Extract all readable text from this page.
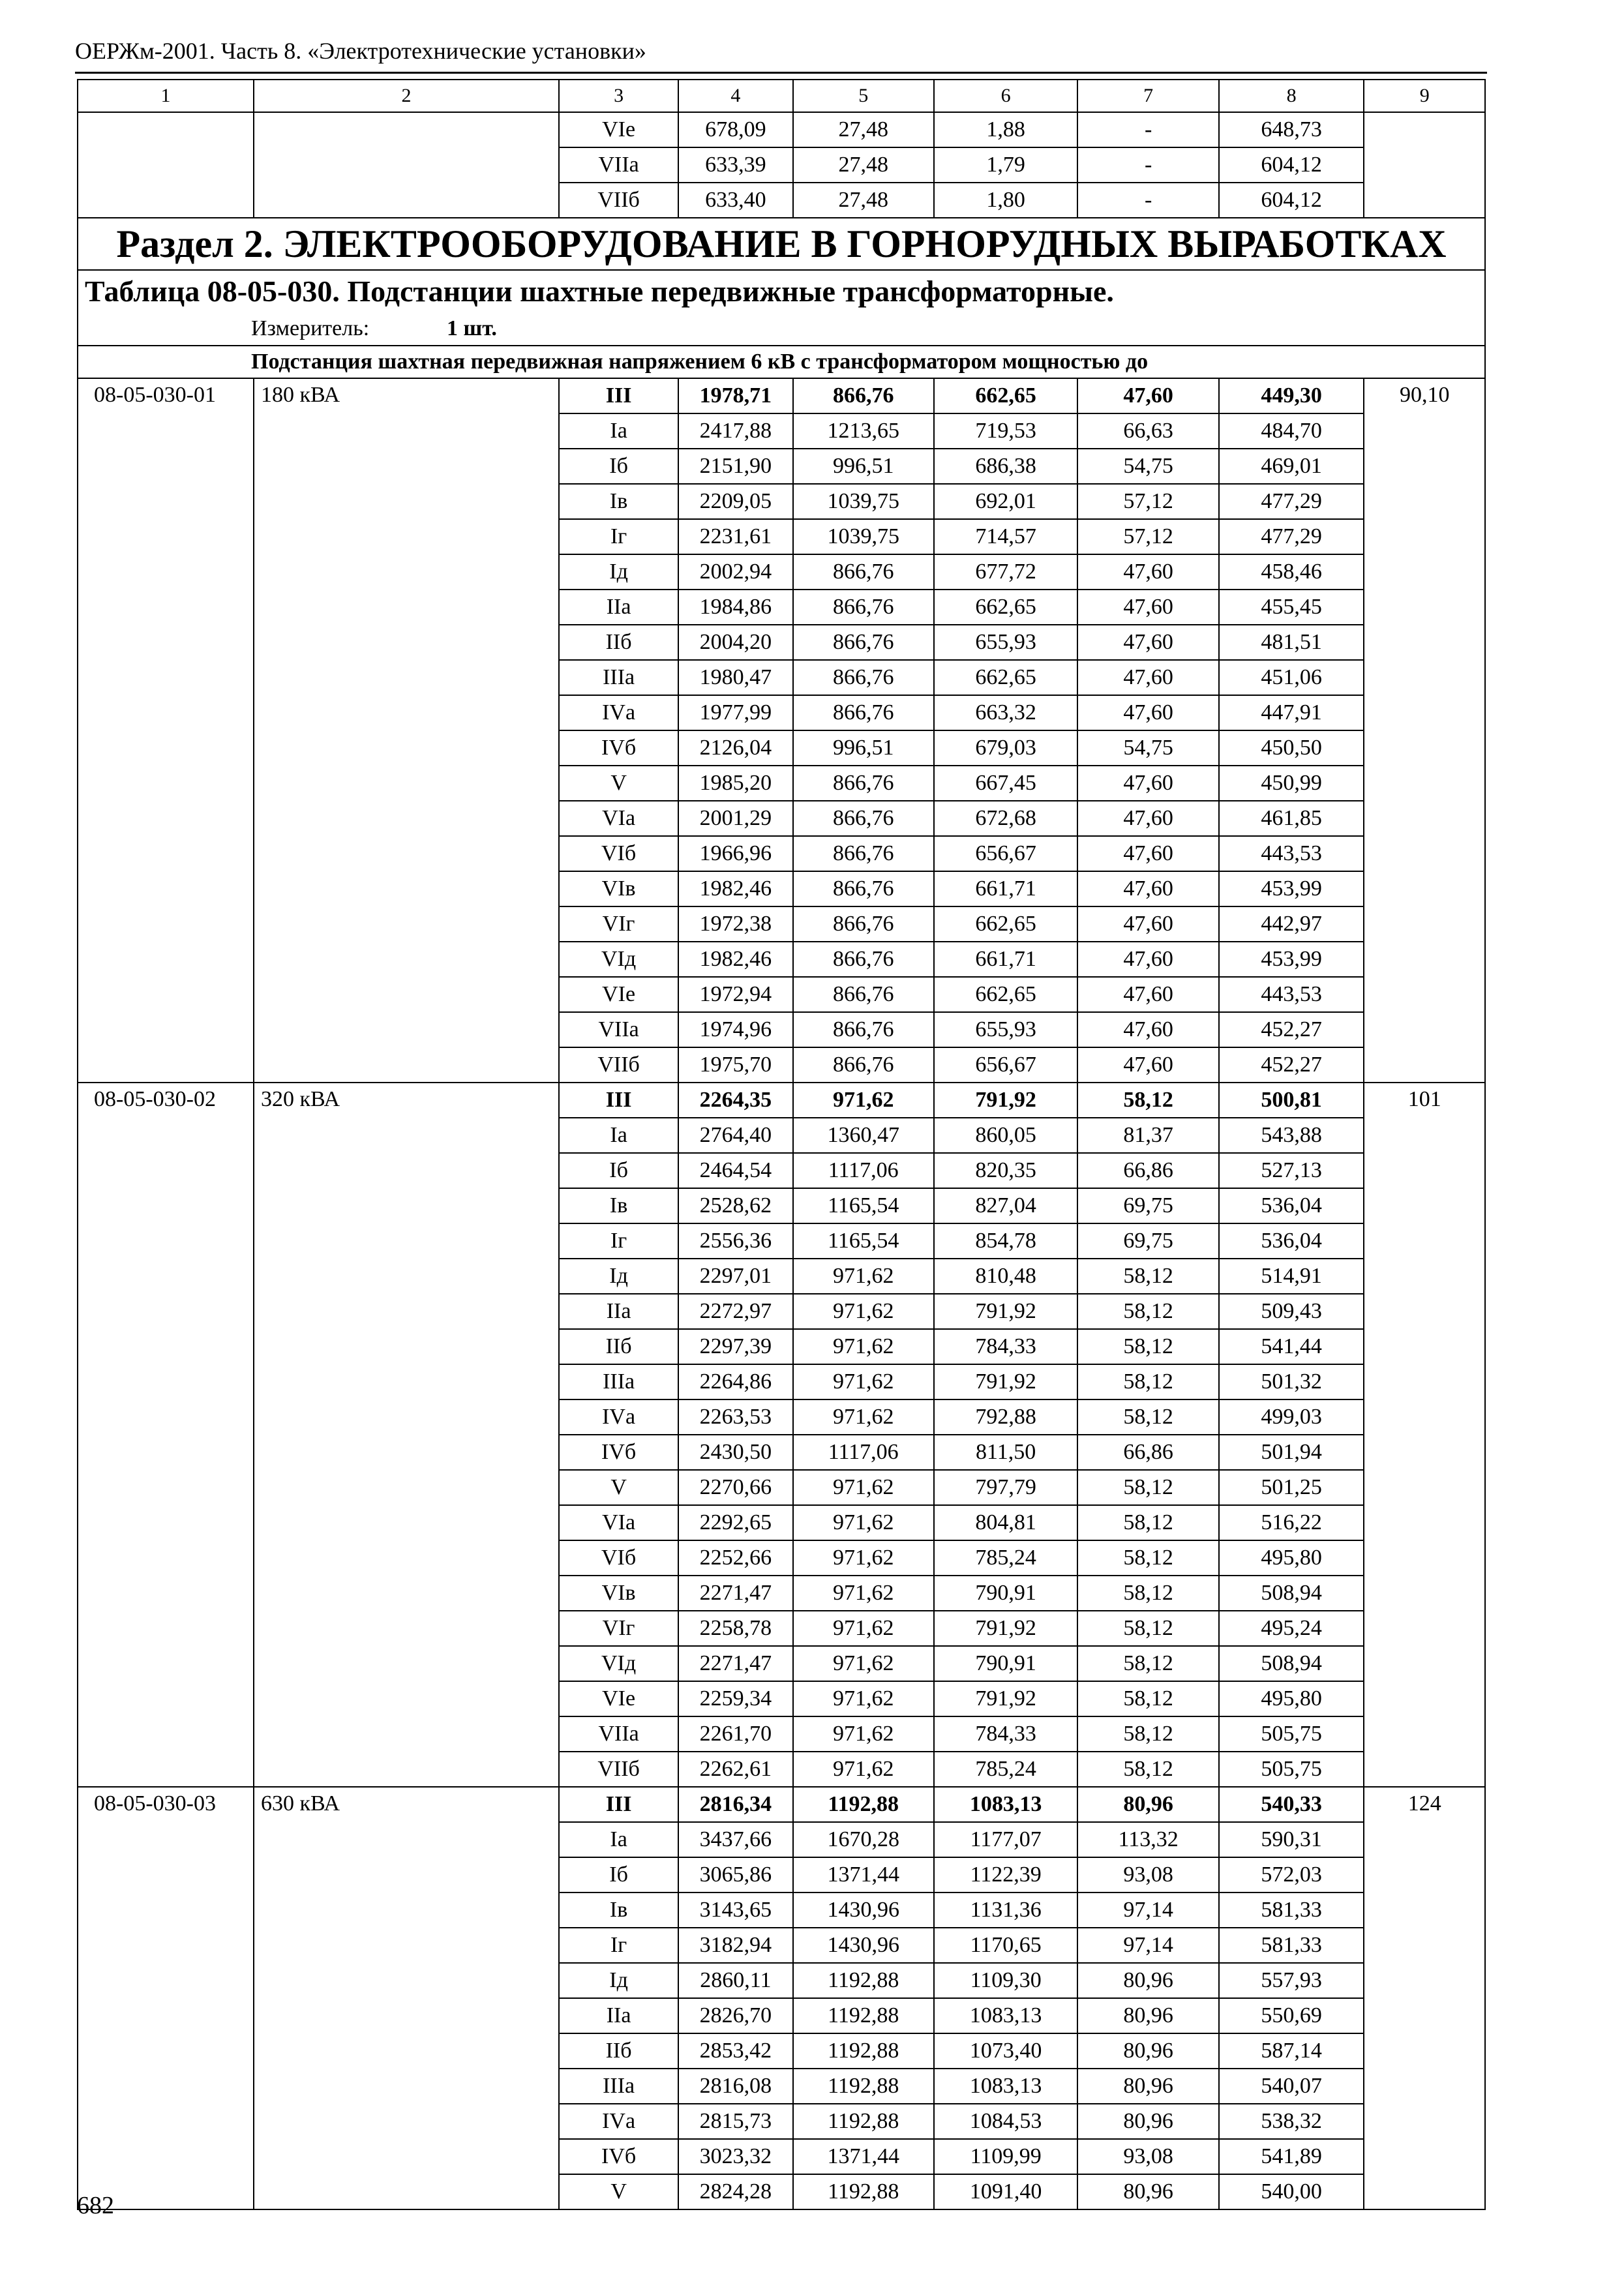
ОЕРЖм-2001. Часть 8. «Электротехнические установки»
1	2	3	4	5	6	7	8	9
		VIе	678,09	27,48	1,88	-	648,73	
		VIIа	633,39	27,48	1,79	-	604,12	
		VIIб	633,40	27,48	1,80	-	604,12	
Раздел 2. ЭЛЕКТРООБОРУДОВАНИЕ В ГОРНОРУДНЫХ ВЫРАБОТКАХ								
Таблица 08-05-030. Подстанции шахтные передвижные трансформаторные.								
Измеритель: 1 шт.								
Подстанция шахтная передвижная напряжением 6 кВ с трансформатором мощностью до								
08-05-030-01	180 кВА	III	1978,71	866,76	662,65	47,60	449,30	90,10
		Iа	2417,88	1213,65	719,53	66,63	484,70	
		Iб	2151,90	996,51	686,38	54,75	469,01	
		Iв	2209,05	1039,75	692,01	57,12	477,29	
		Iг	2231,61	1039,75	714,57	57,12	477,29	
		Iд	2002,94	866,76	677,72	47,60	458,46	
		IIа	1984,86	866,76	662,65	47,60	455,45	
		IIб	2004,20	866,76	655,93	47,60	481,51	
		IIIа	1980,47	866,76	662,65	47,60	451,06	
		IVа	1977,99	866,76	663,32	47,60	447,91	
		IVб	2126,04	996,51	679,03	54,75	450,50	
		V	1985,20	866,76	667,45	47,60	450,99	
		VIа	2001,29	866,76	672,68	47,60	461,85	
		VIб	1966,96	866,76	656,67	47,60	443,53	
		VIв	1982,46	866,76	661,71	47,60	453,99	
		VIг	1972,38	866,76	662,65	47,60	442,97	
		VIд	1982,46	866,76	661,71	47,60	453,99	
		VIе	1972,94	866,76	662,65	47,60	443,53	
		VIIа	1974,96	866,76	655,93	47,60	452,27	
		VIIб	1975,70	866,76	656,67	47,60	452,27	
08-05-030-02	320 кВА	III	2264,35	971,62	791,92	58,12	500,81	101
		Iа	2764,40	1360,47	860,05	81,37	543,88	
		Iб	2464,54	1117,06	820,35	66,86	527,13	
		Iв	2528,62	1165,54	827,04	69,75	536,04	
		Iг	2556,36	1165,54	854,78	69,75	536,04	
		Iд	2297,01	971,62	810,48	58,12	514,91	
		IIа	2272,97	971,62	791,92	58,12	509,43	
		IIб	2297,39	971,62	784,33	58,12	541,44	
		IIIа	2264,86	971,62	791,92	58,12	501,32	
		IVа	2263,53	971,62	792,88	58,12	499,03	
		IVб	2430,50	1117,06	811,50	66,86	501,94	
		V	2270,66	971,62	797,79	58,12	501,25	
		VIа	2292,65	971,62	804,81	58,12	516,22	
		VIб	2252,66	971,62	785,24	58,12	495,80	
		VIв	2271,47	971,62	790,91	58,12	508,94	
		VIг	2258,78	971,62	791,92	58,12	495,24	
		VIд	2271,47	971,62	790,91	58,12	508,94	
		VIе	2259,34	971,62	791,92	58,12	495,80	
		VIIа	2261,70	971,62	784,33	58,12	505,75	
		VIIб	2262,61	971,62	785,24	58,12	505,75	
08-05-030-03	630 кВА	III	2816,34	1192,88	1083,13	80,96	540,33	124
		Iа	3437,66	1670,28	1177,07	113,32	590,31	
		Iб	3065,86	1371,44	1122,39	93,08	572,03	
		Iв	3143,65	1430,96	1131,36	97,14	581,33	
		Iг	3182,94	1430,96	1170,65	97,14	581,33	
		Iд	2860,11	1192,88	1109,30	80,96	557,93	
		IIа	2826,70	1192,88	1083,13	80,96	550,69	
		IIб	2853,42	1192,88	1073,40	80,96	587,14	
		IIIа	2816,08	1192,88	1083,13	80,96	540,07	
		IVа	2815,73	1192,88	1084,53	80,96	538,32	
		IVб	3023,32	1371,44	1109,99	93,08	541,89	
		V	2824,28	1192,88	1091,40	80,96	540,00	
682
